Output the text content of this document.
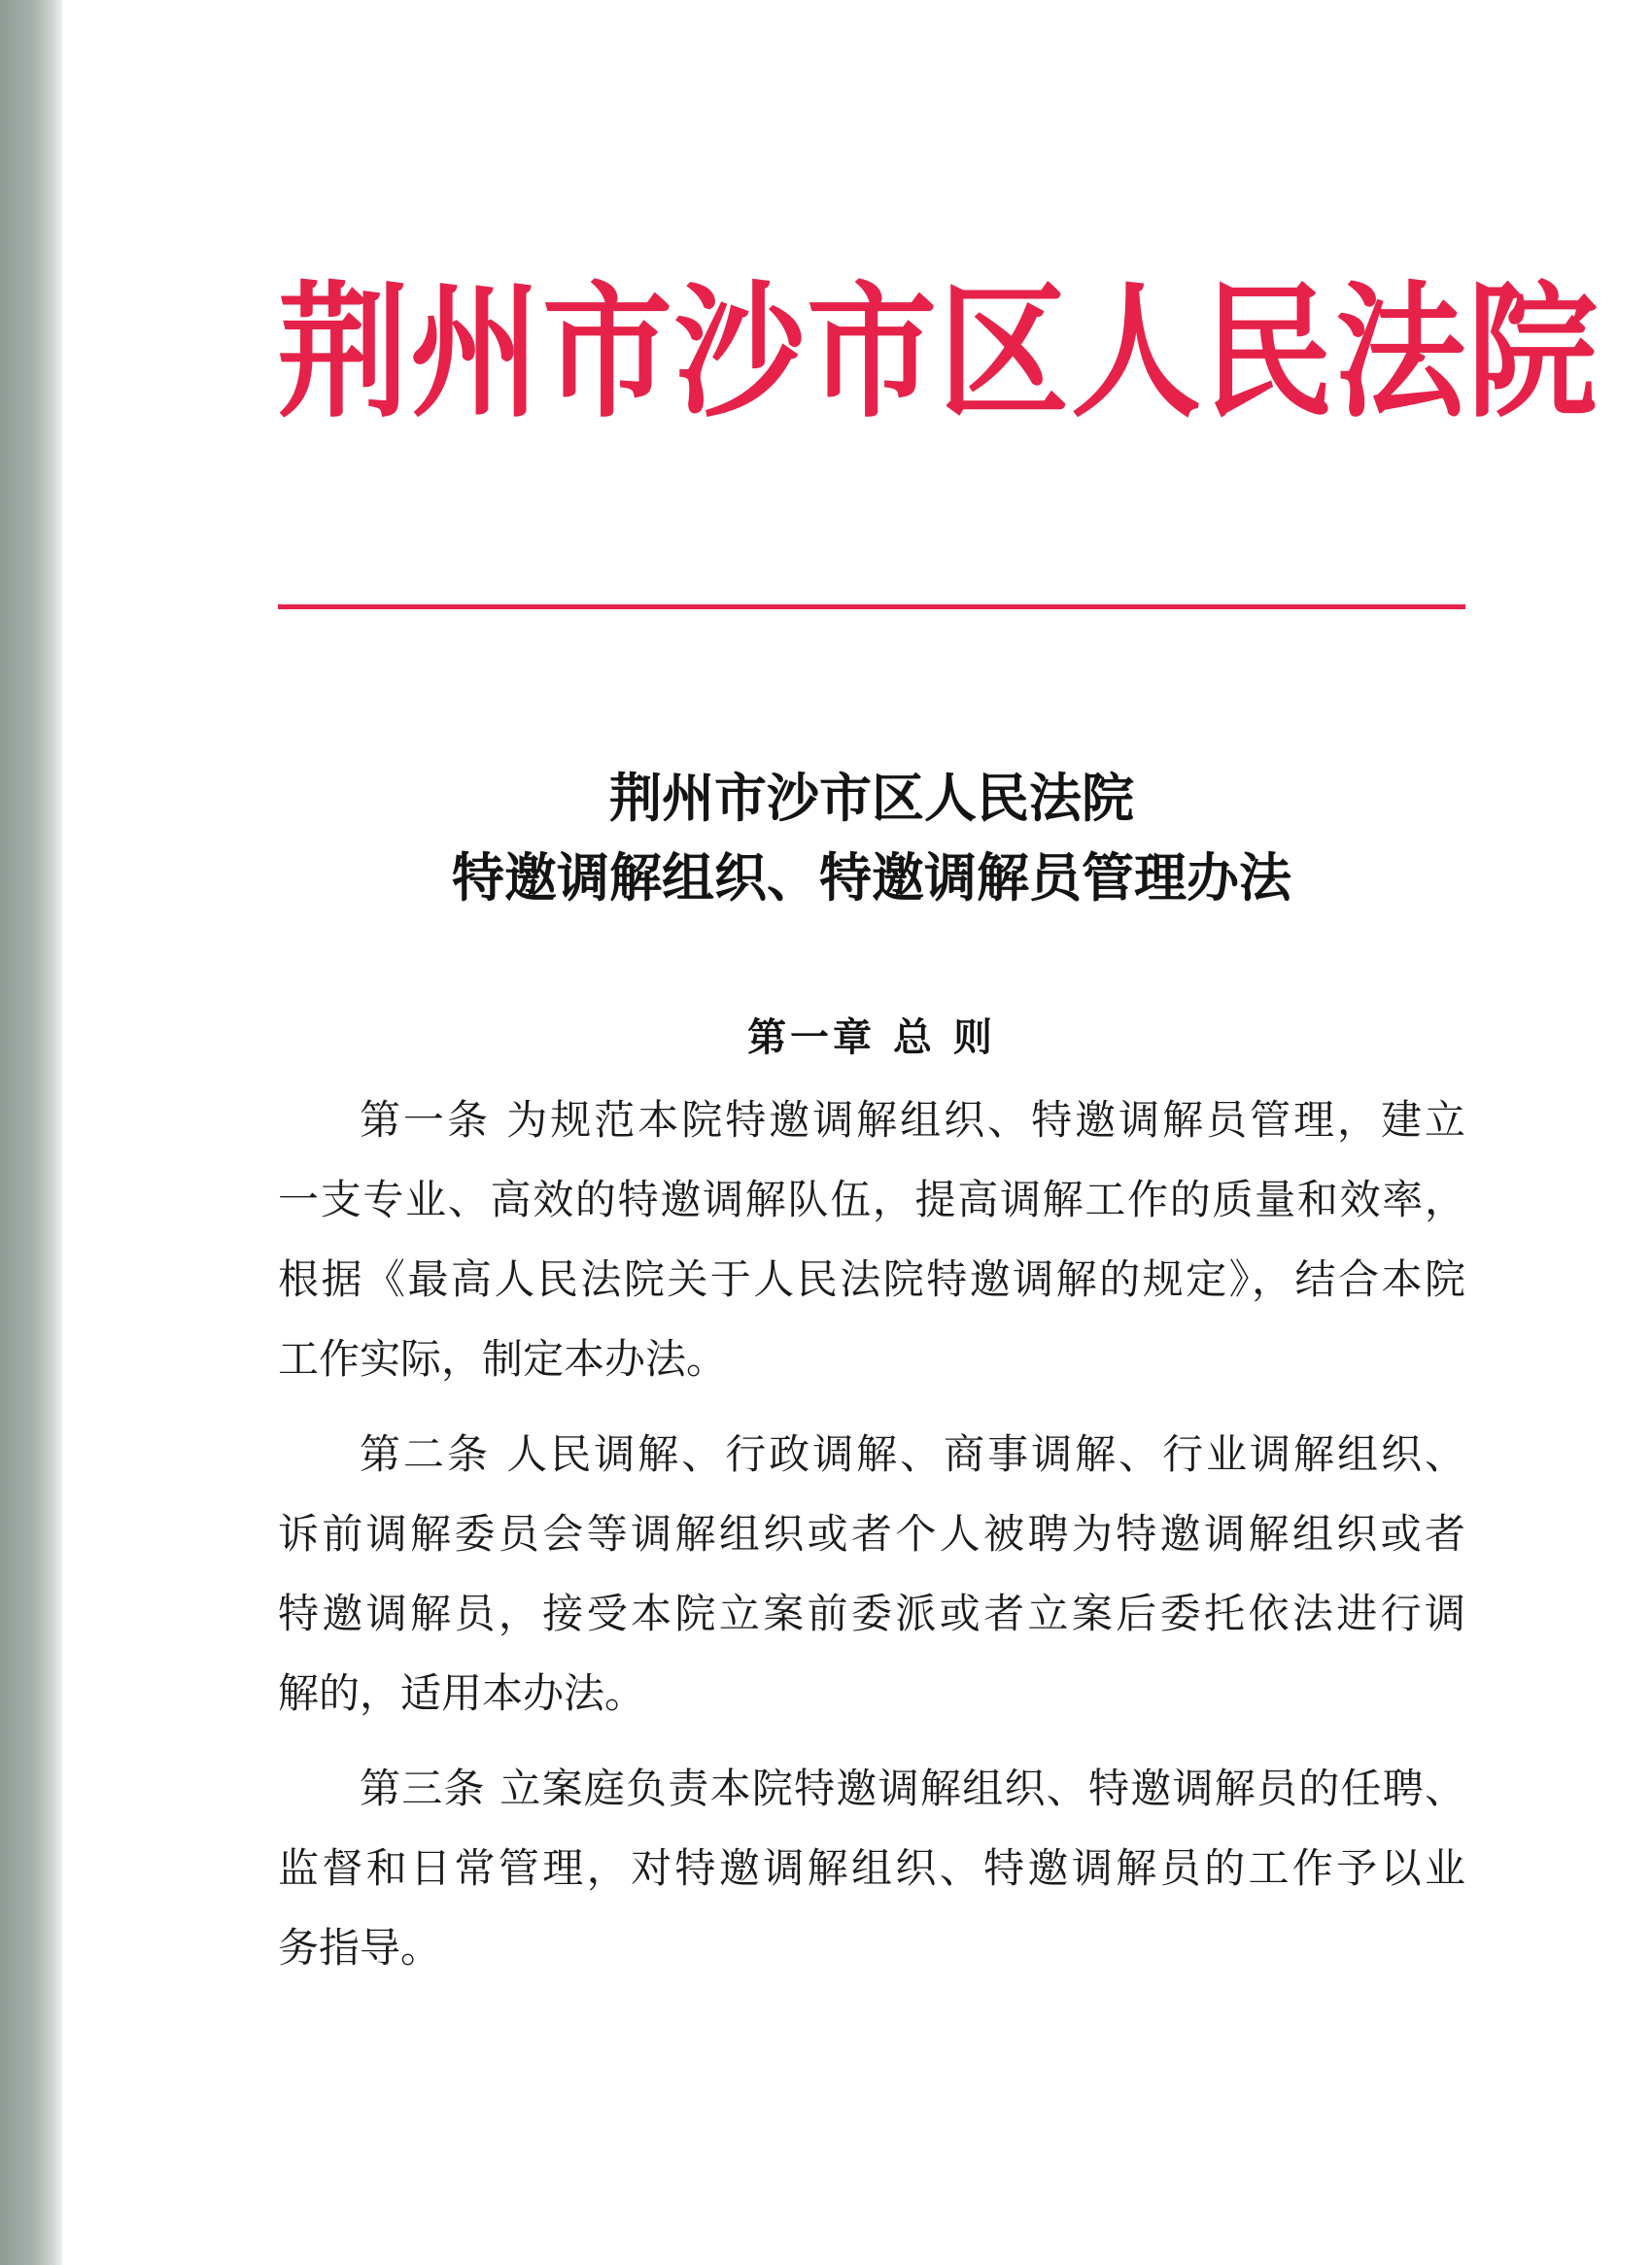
荆州市沙市区人民法院
荆州市沙市区人民法院
特邀调解组织、特邀调解员管理办法
第一章 总 则

第一条 为规范本院特邀调解组织、特邀调解员管理，建立
一支专业、高效的特邀调解队伍，提高调解工作的质量和效率，
根据《最高人民法院关于人民法院特邀调解的规定》，结合本院
工作实际，制定本办法。

第二条 人民调解、行政调解、商事调解、行业调解组织、
诉前调解委员会等调解组织或者个人被聘为特邀调解组织或者
特邀调解员，接受本院立案前委派或者立案后委托依法进行调
解的，适用本办法。

第三条 立案庭负责本院特邀调解组织、特邀调解员的任聘、
监督和日常管理，对特邀调解组织、特邀调解员的工作予以业
务指导。
